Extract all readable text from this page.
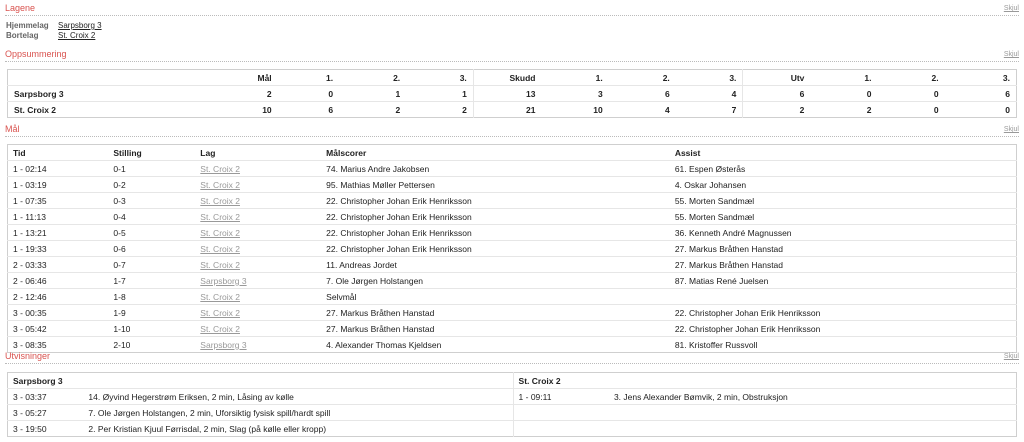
Lagene	Skjul
Hjemmelag Sarpsborg 3
Bortelag St. Croix 2
Oppsummering	Skjul
	Mål	1.	2.	3.	Skudd	1.	2.	3.	Utv	1.	2.	3.
Sarpsborg 3	2	0	1	1	13	3	6	4	6	0	0	6
St. Croix 2	10	6	2	2	21	10	4	7	2	2	0	0
Mål	Skjul
Tid	Stilling	Lag	Målscorer	Assist
1 - 02:14	0-1	St. Croix 2	74. Marius Andre Jakobsen	61. Espen Østerås
1 - 03:19	0-2	St. Croix 2	95. Mathias Møller Pettersen	4. Oskar Johansen
1 - 07:35	0-3	St. Croix 2	22. Christopher Johan Erik Henriksson	55. Morten Sandmæl
1 - 11:13	0-4	St. Croix 2	22. Christopher Johan Erik Henriksson	55. Morten Sandmæl
1 - 13:21	0-5	St. Croix 2	22. Christopher Johan Erik Henriksson	36. Kenneth André Magnussen
1 - 19:33	0-6	St. Croix 2	22. Christopher Johan Erik Henriksson	27. Markus Bråthen Hanstad
2 - 03:33	0-7	St. Croix 2	11. Andreas Jordet	27. Markus Bråthen Hanstad
2 - 06:46	1-7	Sarpsborg 3	7. Ole Jørgen Holstangen	87. Matias René Juelsen
2 - 12:46	1-8	St. Croix 2	Selvmål	
3 - 00:35	1-9	St. Croix 2	27. Markus Bråthen Hanstad	22. Christopher Johan Erik Henriksson
3 - 05:42	1-10	St. Croix 2	27. Markus Bråthen Hanstad	22. Christopher Johan Erik Henriksson
3 - 08:35	2-10	Sarpsborg 3	4. Alexander Thomas Kjeldsen	81. Kristoffer Russvoll
Utvisninger	Skjul
Sarpsborg 3		St. Croix 2	
3 - 03:37	14. Øyvind Hegerstrøm Eriksen, 2 min, Låsing av kølle	1 - 09:11	3. Jens Alexander Bømvik, 2 min, Obstruksjon
3 - 05:27	7. Ole Jørgen Holstangen, 2 min, Uforsiktig fysisk spill/hardt spill		
3 - 19:50	2. Per Kristian Kjuul Førrisdal, 2 min, Slag (på kølle eller kropp)		
